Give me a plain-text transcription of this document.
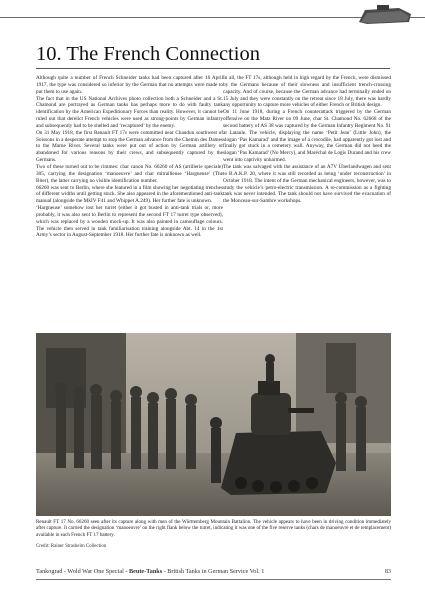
10. The French Connection

Although quite a number of French Schneider tanks had been captured after 16 April 1917, the type was considered so inferior by the German that no attempts were made to put them to use again.

The fact that in the US National Archives photo collection both a Schneider and a St. Chamond are portrayed as German tanks has perhaps more to do with faulty tank identification by the American Expeditionary Forces than reality. However, it cannot be ruled out that derelict French vehicles were used as strong-points by German infantry and subsequently had to be shelled and ‘recaptured’ by the enemy.

On 31 May 1918, the first Renault FT 17s were committed near Chaudun southwest of Soissons in a desperate attempt to stop the German advance from the Chemin des Dames to the Marne River. Several tanks were put out of action by German artillery or abandoned for various reasons by their crews, and subsequently captured by the Germans.

Two of these turned out to be rimmes: char canon No. 66260 of AS (artillerie speciale) 305, carrying the designation ‘manoeuvre’ and char mitrailleuse ‘Hargneuse’ (The Biter), the latter carrying no visible identification number.

66260 was sent to Berlin, where she featured in a film showing her negotiating trenches of different widths until getting stuck. She also appeared in the aforementioned anti-tank manual (alongside the MkIV F41 and Whippet A.249). Her further fate is unknown.

‘Hargneuse’ somehow lost her turret (either it got busted in anti-tank trials or, more probably, it was also sent to Berlin to represent the second FT 17 turret type observed), which was replaced by a wooden mock-up. It was also painted in camouflage colours. The vehicle then served in tank familiarisation training alongside Abt. 14 in the 1st Army’s sector in August-September 1918. Her further fate is unknown as well.

In all, the FT 17s, although held in high regard by the French, were dismissed by the Germans because of their slowness and insufficient trench-crossing capacity. And of course, because the German advance had terminally ended on 15 July and they were constantly on the retreat since 18 July, there was hardly any opportunity to capture more vehicles of either French or British design.

On 11 June 1918, during a French counterattack triggered by the German offensive on the Matz River on 09 June, char St. Chamond No. 62668 of the second battery of AS 38 was captured by the German Infantry Regiment No. 91 at Lataule. The vehicle, displaying the name ‘Petit Jean’ (Little John), the slogan ‘Pas Kamarad’ and the image of a crocodile, had apparently got lost and finally got stuck in a cemetery wall. Anyway, the German did not heed the slogan ‘Pas Kamarad’ (No Mercy), and Maréchal de Logis Durand and his crew went into captivity unharmed.

The tank was salvaged with the assistance of an A7V Überlandwagen and sent to B.A.K.P. 20, where it was still recorded as being ‘under reconstruction’ in October 1918. The intent of the German mechanical engineers, however, was to study the vehicle’s petro-electric transmission. A re-commission as a fighting tank was never intended. The tank should not have survived the evacuation of the Monceau-sur-Sambre workshops.

Renault FT 17 No. 66260 seen after its capture along with men of the Württemberg Mountain Battalion. The vehicle appears to have been in driving condition immediately after capture. It carried the designation ‘manoeuvre’ on the right flank below the turret, indicating it was one of the five reserve tanks (chars de manoeuvre et de remplacement) available in each French FT 17 battery.

Credit: Rainer Strasheim Collection
Tankograd - Wold War One Special - Beute-Tanks - British Tanks in German Service Vol. 1	83
